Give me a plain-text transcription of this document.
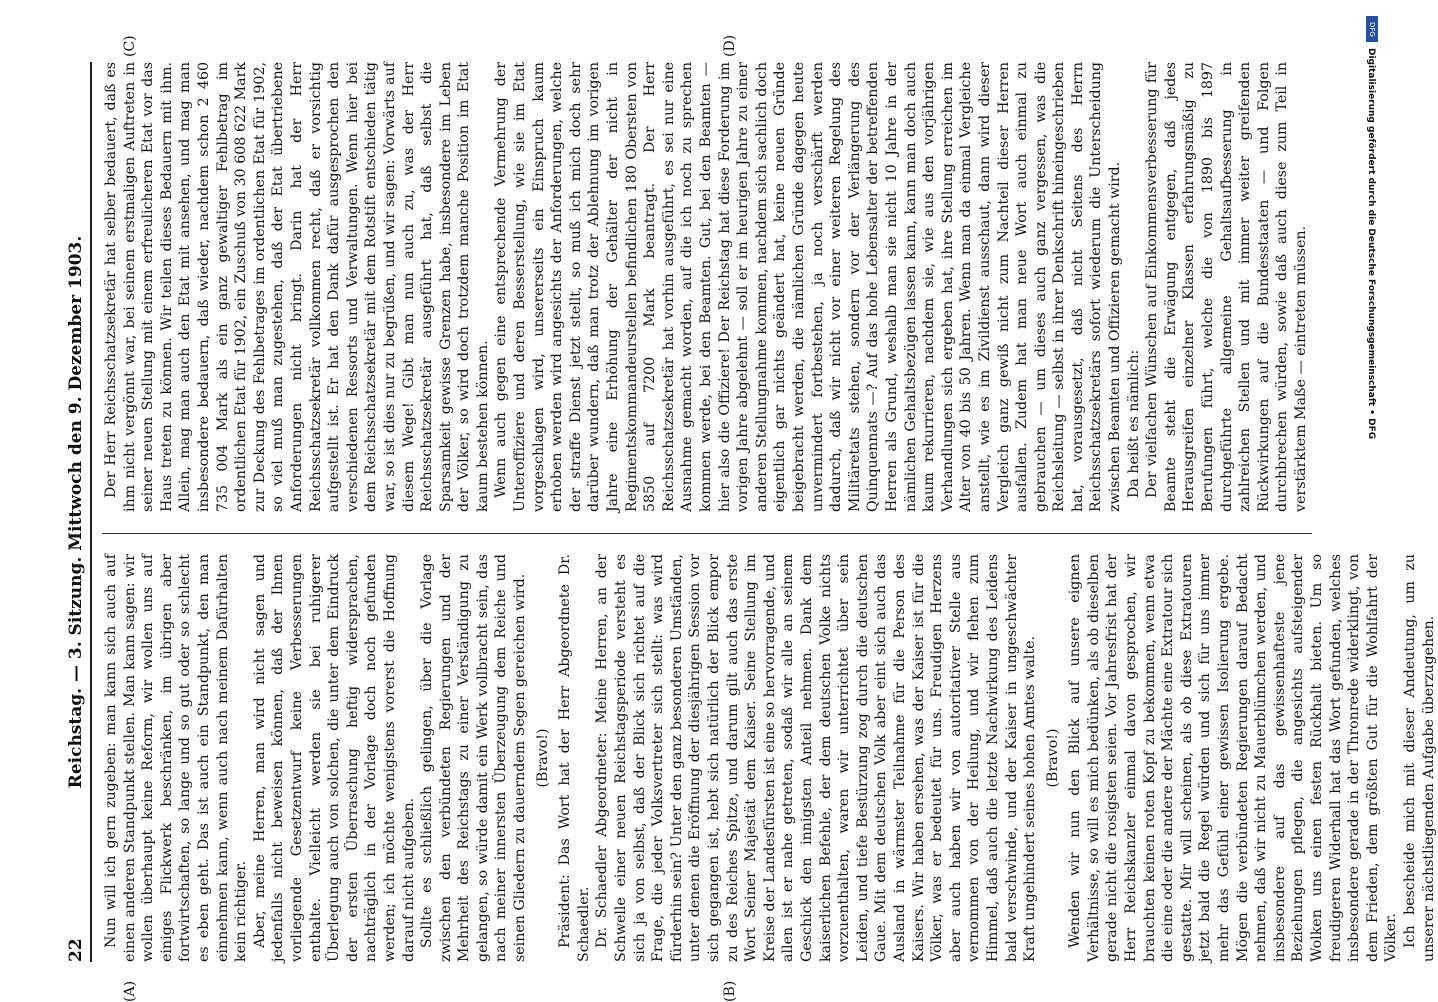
22
Reichstag. — 3. Sitzung. Mittwoch den 9. Dezember 1903. Nun will ich gern zugeben: man kann sich auch auf einen anderen Standpunkt stellen. Man kann sagen: wir wollen überhaupt keine Reform, wir wollen uns auf einiges Flickwerk beschränken, im übrigen aber fortwirtschaften, so lange und so gut oder so schlecht es eben geht. Das ist auch ein Standpunkt, den man einnehmen kann, wenn auch nach meinem Dafürhalten kein richtiger. Aber, meine Herren, man wird nicht sagen und jedenfalls nicht beweisen können, daß der Ihnen vorliegende Gesetzentwurf keine Verbesserungen enthalte. Vielleicht werden sie bei ruhigerer Überlegung auch von solchen, die unter dem Eindruck der ersten Überraschung heftig widersprachen, nachträglich in der Vorlage doch noch gefunden werden; ich möchte wenigstens vorerst die Hoffnung darauf nicht aufgeben. Sollte es schließlich gelingen, über die Vorlage zwischen den verbündeten Regierungen und der Mehrheit des Reichstags zu einer Verständigung zu gelangen, so würde damit ein Werk vollbracht sein, das nach meiner innersten Überzeugung dem Reiche und seinen Gliedern zu dauerndem Segen gereichen wird. (Bravo!) Präsident: Das Wort hat der Herr Abgeordnete Dr. Schaedler. Dr. Schaedler Abgeordneter: Meine Herren, an der Schwelle einer neuen Reichstagsperiode versteht es sich ja von selbst, daß der Blick sich richtet auf die Frage, die jeder Volksvertreter sich stellt: was wird fürderhin sein? Unter den ganz besonderen Umständen, unter denen die Eröffnung der diesjährigen Session vor sich gegangen ist, hebt sich natürlich der Blick empor zu des Reiches Spitze, und darum gilt auch das erste Wort Seiner Majestät dem Kaiser. Seine Stellung im Kreise der Landesfürsten ist eine so hervorragende, und allen ist er nahe getreten, sodaß wir alle an seinem Geschick den innigsten Anteil nehmen. Dank dem kaiserlichen Befehle, der dem deutschen Volke nichts vorzuenthalten, waren wir unterrichtet über sein Leiden, und tiefe Bestürzung zog durch die deutschen Gaue. Mit dem deutschen Volk aber eint sich auch das Ausland in wärmster Teilnahme für die Person des Kaisers. Wir haben ersehen, was der Kaiser ist für die Völker, was er bedeutet für uns. Freudigen Herzens aber auch haben wir von autoritativer Stelle aus vernommen von der Heilung, und wir flehen zum Himmel, daß auch die letzte Nachwirkung des Leidens bald verschwinde, und der Kaiser in ungeschwächter Kraft ungehindert seines hohen Amtes walte. (Bravo!) Wenden wir nun den Blick auf unsere eignen Verhältnisse, so will es mich bedünken, als ob dieselben gerade nicht die rosigsten seien. Vor Jahresfrist hat der Herr Reichskanzler einmal davon gesprochen, wir brauchten keinen roten Kopf zu bekommen, wenn etwa die eine oder die andere der Mächte eine Extratour sich gestatte. Mir will scheinen, als ob diese Extratouren jetzt bald die Regel würden und sich für uns immer mehr das Gefühl einer gewissen Isolierung ergebe. Mögen die verbündeten Regierungen darauf Bedacht nehmen, daß wir nicht zu Mauerblümchen werden, und insbesondere auf das gewissenhafteste jene Beziehungen pflegen, die angesichts aufsteigender Wolken uns einen festen Rückhalt bieten. Um so freudigeren Widerhall hat das Wort gefunden, welches insbesondere gerade in der Thronrede widerklingt, von dem Frieden, dem größten Gut für die Wohlfahrt der Völker. Ich bescheide mich mit dieser Andeutung, um zu unserer nächstliegenden Aufgabe überzugehen.

Der Herr Reichsschatzsekretär hat selber bedauert, daß es ihm nicht vergönnt war, bei seinem erstmaligen Auftreten in seiner neuen Stellung mit einem erfreulicheren Etat vor das Haus treten zu können. Wir teilen dieses Bedauern mit ihm. Allein, mag man auch den Etat mit ansehen, und mag man insbesondere bedauern, daß wieder, nachdem schon 2 460 735 004 Mark als ein ganz gewaltiger Fehlbetrag im ordentlichen Etat für 1902, ein Zuschuß von 30 608 622 Mark zur Deckung des Fehlbetrages im ordentlichen Etat für 1902, so viel muß man zugestehen, daß der Etat übertriebene Anforderungen nicht bringt. Darin hat der Herr Reichsschatzsekretär vollkommen recht, daß er vorsichtig aufgestellt ist. Er hat den Dank dafür ausgesprochen den verschiedenen Ressorts und Verwaltungen. Wenn hier bei dem Reichsschatzsekretär mit dem Rotstift entschieden tätig war, so ist dies nur zu begrüßen, und wir sagen: Vorwärts auf diesem Wege! Gibt man nun auch zu, was der Herr Reichsschatzsekretär ausgeführt hat, daß selbst die Sparsamkeit gewisse Grenzen habe, insbesondere im Leben der Völker, so wird doch trotzdem manche Position im Etat kaum bestehen können. Wenn auch gegen eine entsprechende Vermehrung der Unteroffiziere und deren Besserstellung, wie sie im Etat vorgeschlagen wird, unsererseits ein Einspruch kaum erhoben werden wird angesichts der Anforderungen, welche der straffe Dienst jetzt stellt, so muß ich mich doch sehr darüber wundern, daß man trotz der Ablehnung im vorigen Jahre eine Erhöhung der Gehälter der nicht in Regimentskommandeurstellen befindlichen 180 Obersten von 5850 auf 7200 Mark beantragt. Der Herr Reichsschatzsekretär hat vorhin ausgeführt, es sei nur eine Ausnahme gemacht worden, auf die ich noch zu sprechen kommen werde, bei den Beamten. Gut, bei den Beamten — hier also die Offiziere! Der Reichstag hat diese Forderung im vorigen Jahre abgelehnt — soll er im heurigen Jahre zu einer anderen Stellungnahme kommen, nachdem sich sachlich doch eigentlich gar nichts geändert hat, keine neuen Gründe beigebracht werden, die nämlichen Gründe dagegen heute unvermindert fortbestehen, ja noch verschärft werden dadurch, daß wir nicht vor einer weiteren Regelung des Militäretats stehen, sondern vor der Verlängerung des Quinquennats —? Auf das hohe Lebensalter der betreffenden Herren als Grund, weshalb man sie nicht 10 Jahre in der nämlichen Gehaltsbezügen lassen kann, kann man doch auch kaum rekurrieren, nachdem sie, wie aus den vorjährigen Verhandlungen sich ergeben hat, ihre Stellung erreichen im Alter von 40 bis 50 Jahren. Wenn man da einmal Vergleiche anstellt, wie es im Zivildienst ausschaut, dann wird dieser Vergleich ganz gewiß nicht zum Nachteil dieser Herren ausfallen. Zudem hat man neue Wort auch einmal zu gebrauchen — um dieses auch ganz vergessen, was die Reichsleitung — selbst in ihrer Denkschrift hineingeschrieben hat, vorausgesetzt, daß nicht Seitens des Herrn Reichsschatzsekretärs sofort wiederum die Unterscheidung zwischen Beamten und Offizieren gemacht wird. Da heißt es nämlich: Der vielfachen Wünschen auf Einkommensverbesserung für Beamte steht die Erwägung entgegen, daß jedes Herausgreifen einzelner Klassen erfahrungsmäßig zu Berufungen führt, welche die von 1890 bis 1897 durchgeführte allgemeine Gehaltsaufbesserung in zahlreichen Stellen und mit immer weiter greifenden Rückwirkungen auf die Bundesstaaten — und Folgen durchbrechen würden, sowie daß auch diese zum Teil in verstärktem Maße — eintreten müssen.

(A)	(B)
(C)	(D)
DFG
Digitalisierung gefördert durch die Deutsche Forschungsgemeinschaft • DFG
